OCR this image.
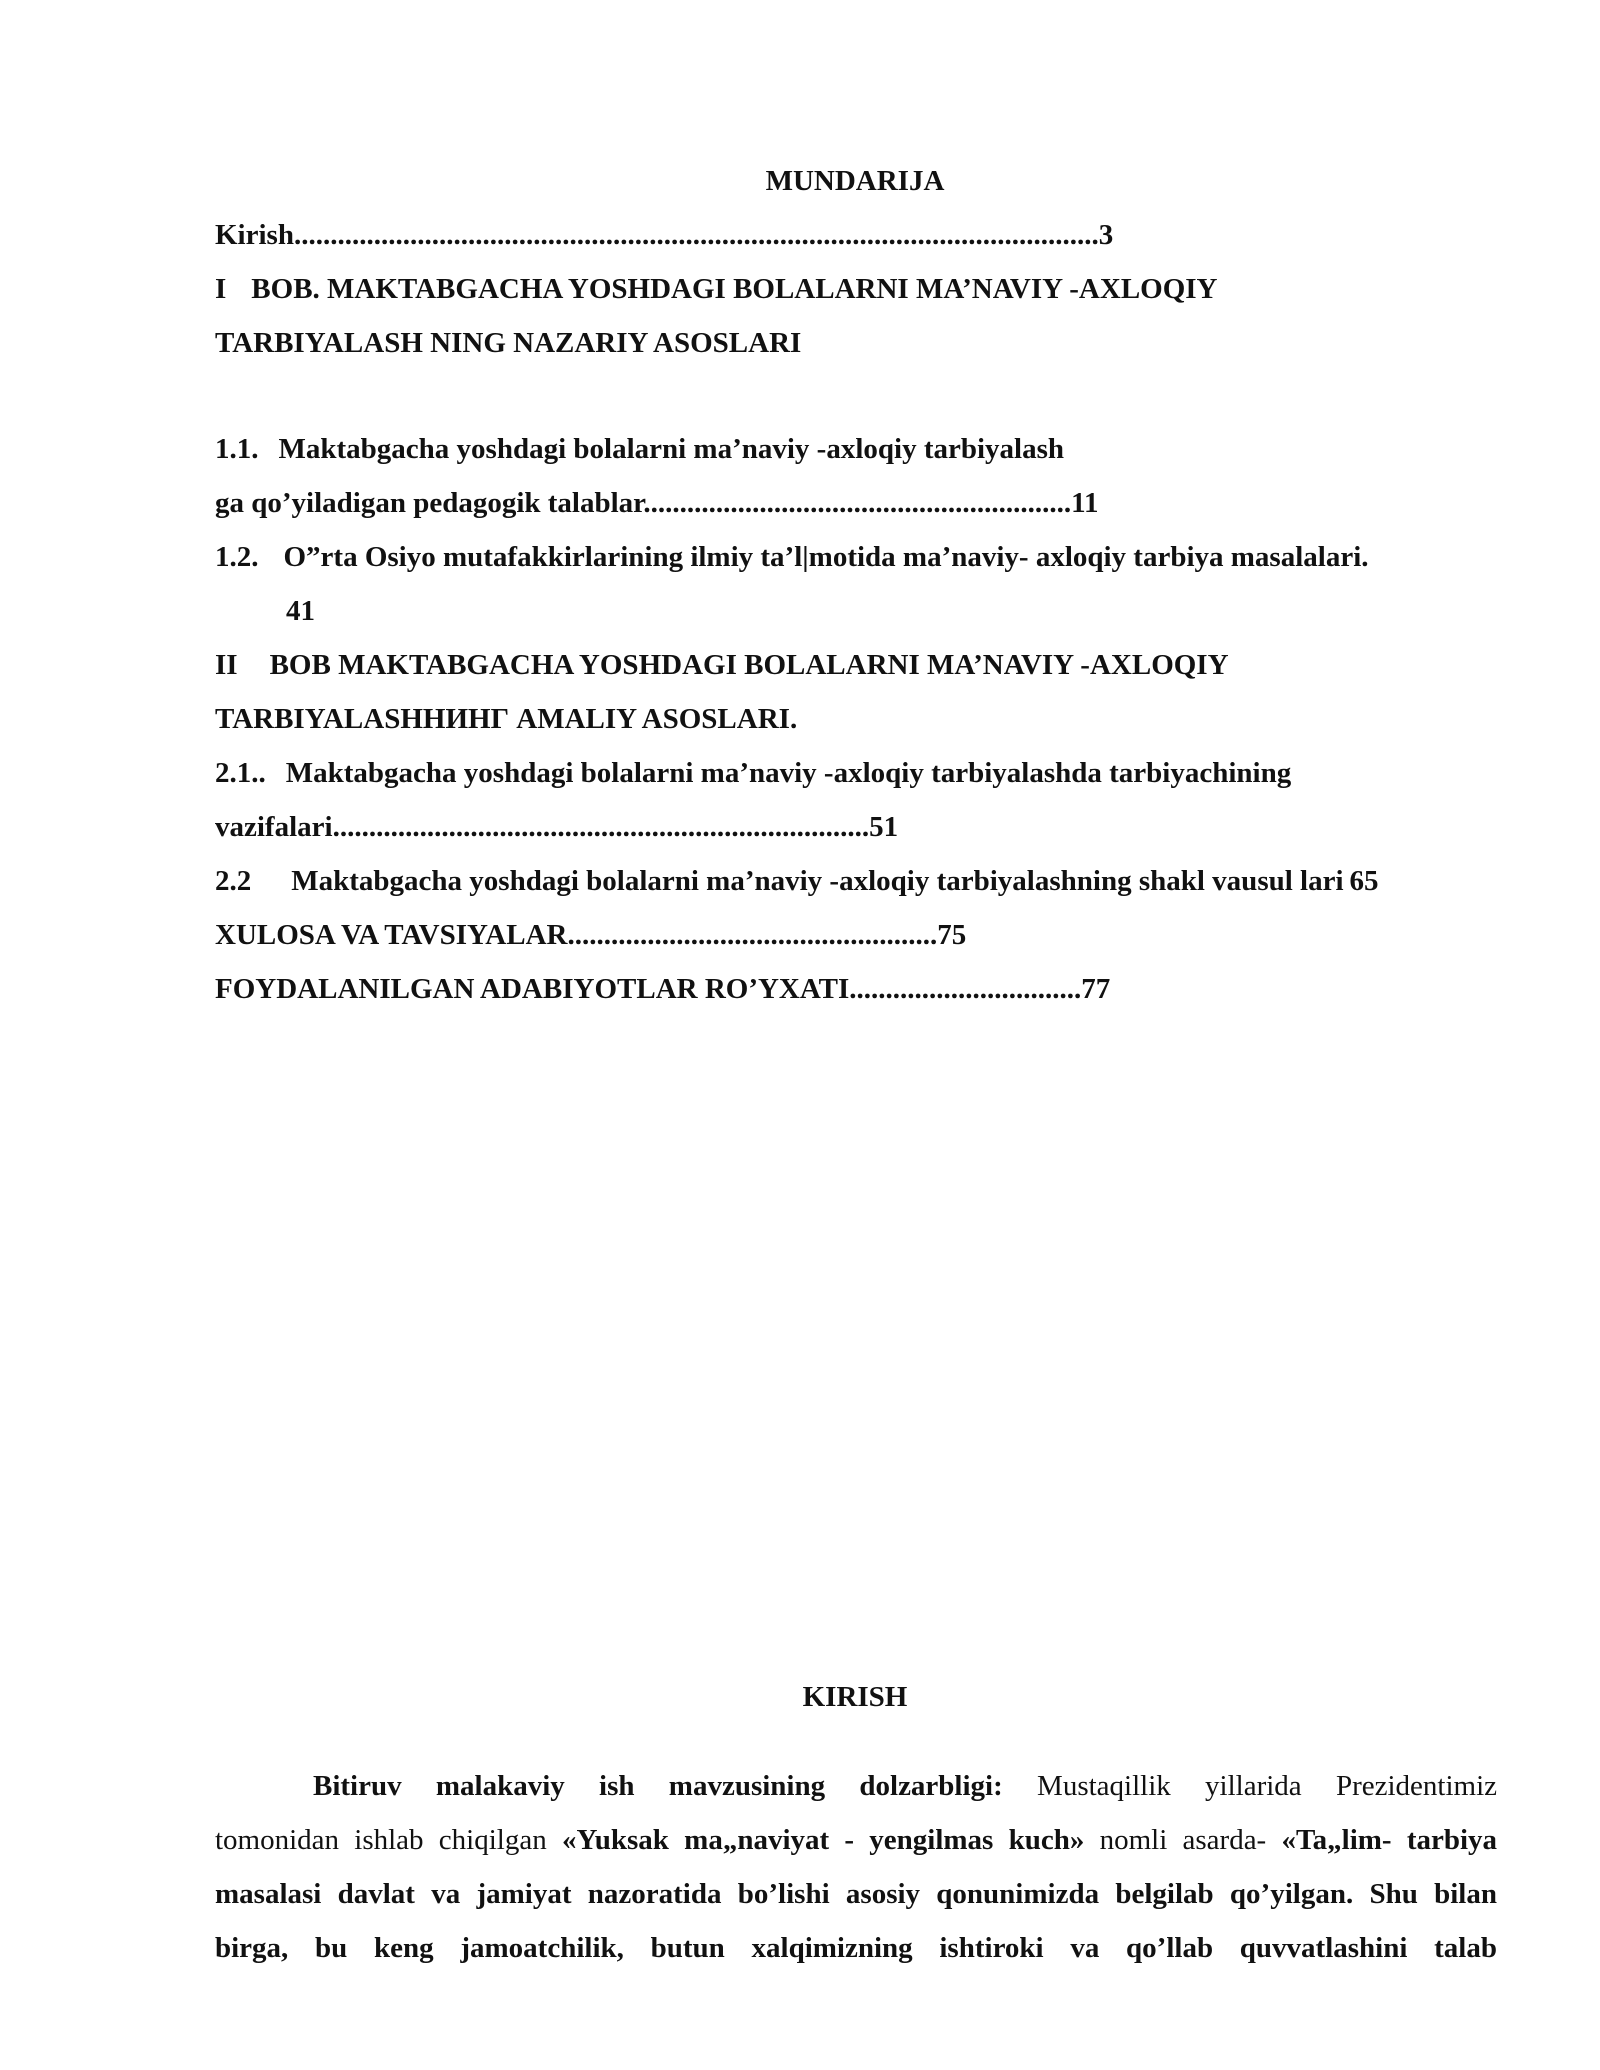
MUNDARIJA
Kirish...............................................................................................................3
I BOB. MAKTABGACHA YOSHDAGI BOLALARNI MA’NAVIY -AXLOQIY
TARBIYALASH NING NAZARIY ASOSLARI
1.1. Maktabgacha yoshdagi bolalarni ma’naviy -axloqiy tarbiyalash
ga qo’yiladigan pedagogik talablar...........................................................11
1.2. O”rta Osiyo mutafakkirlarining ilmiy ta’l|motida ma’naviy- axloqiy tarbiya masalalari.
41
II BOB MAKTABGACHA YOSHDAGI BOLALARNI MA’NAVIY -AXLOQIY
TARBIYALASHНИНГ AMALIY ASOSLARI.
2.1.. Maktabgacha yoshdagi bolalarni ma’naviy -axloqiy tarbiyalashda tarbiyachining
vazifalari..........................................................................51
2.2 Maktabgacha yoshdagi bolalarni ma’naviy -axloqiy tarbiyalashning shakl vausul lari 65
XULOSA VA TAVSIYALAR...................................................75
FOYDALANILGAN ADABIYOTLAR RO’YXATI................................77
KIRISH
Bitiruv malakaviy ish mavzusining dolzarbligi: Mustaqillik yillarida Prezidentimiz
tomonidan ishlab chiqilgan «Yuksak ma„naviyat - yengilmas kuch» nomli asarda- «Ta„lim- tarbiya
masalasi davlat va jamiyat nazoratida bo’lishi asosiy qonunimizda belgilab qo’yilgan. Shu bilan
birga, bu keng jamoatchilik, butun xalqimizning ishtiroki va qo’llab quvvatlashini talab
